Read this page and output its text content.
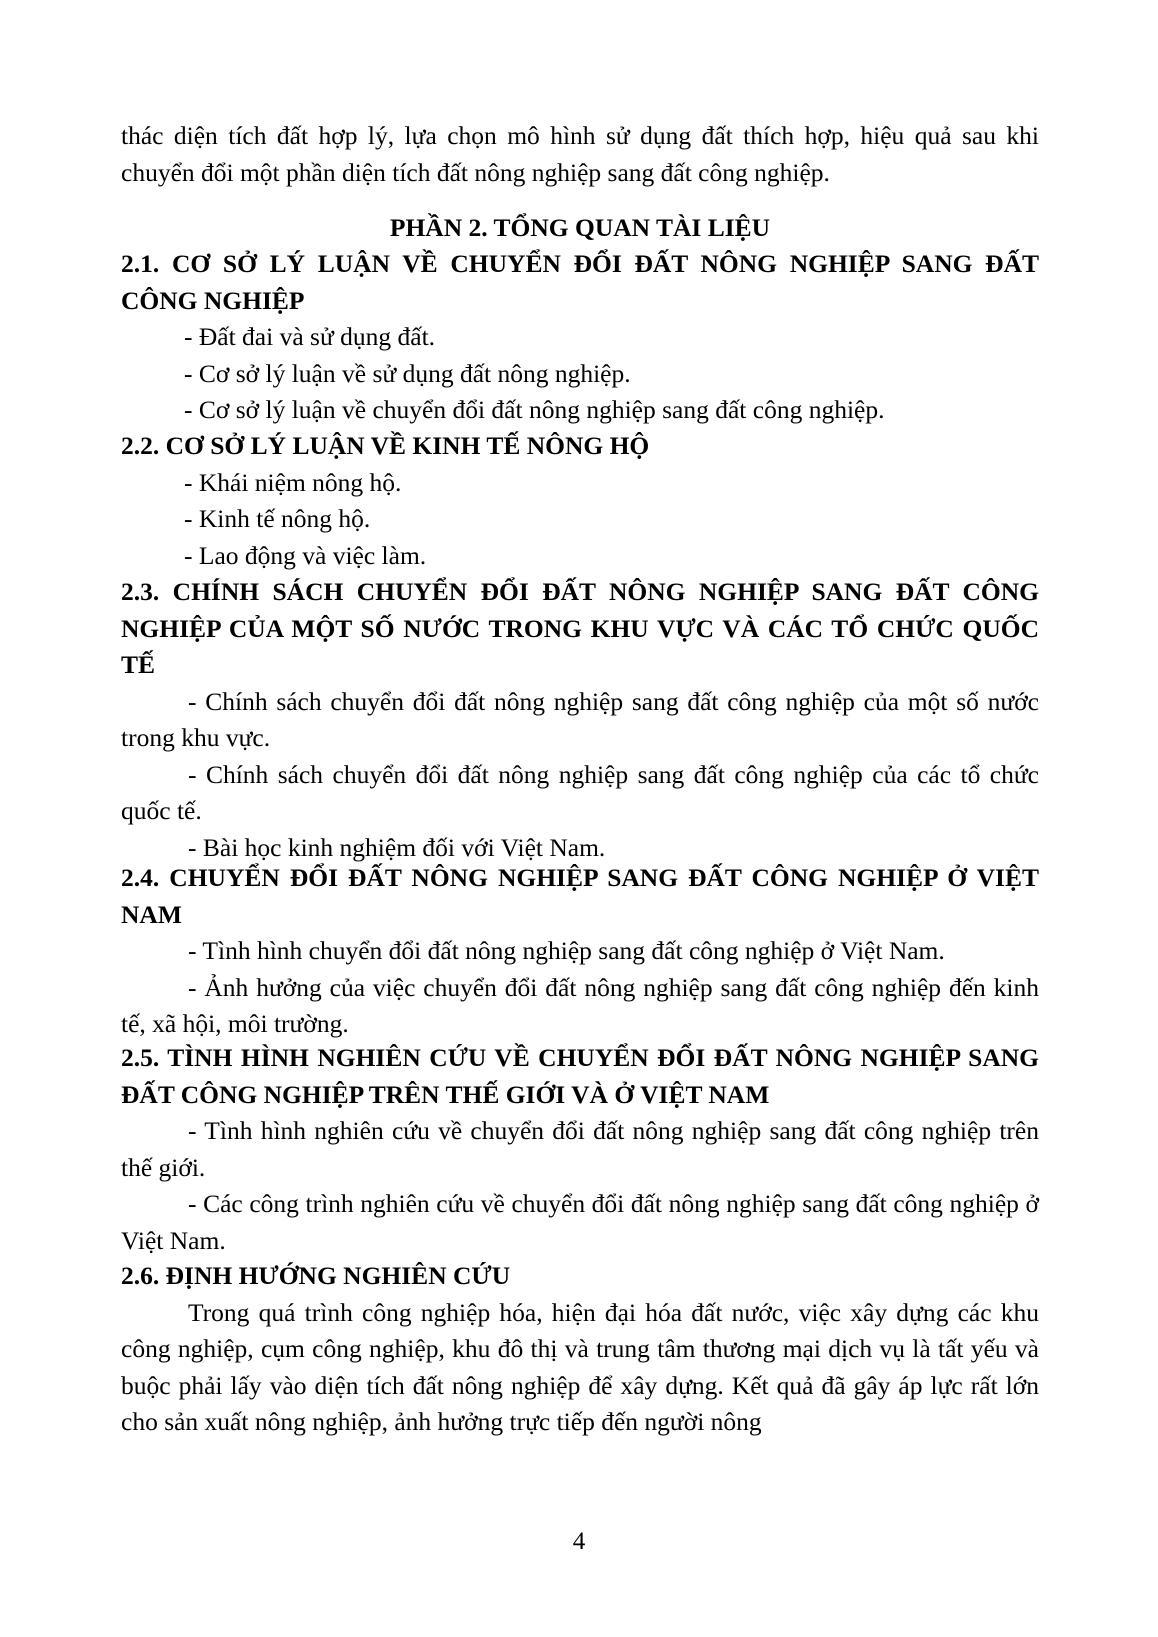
thác diện tích đất hợp lý, lựa chọn mô hình sử dụng đất thích hợp, hiệu quả sau khi chuyển đổi một phần diện tích đất nông nghiệp sang đất công nghiệp.

PHẦN 2. TỔNG QUAN TÀI LIỆU

2.1. CƠ SỞ LÝ LUẬN VỀ CHUYỂN ĐỔI ĐẤT NÔNG NGHIỆP SANG ĐẤT CÔNG NGHIỆP

- Đất đai và sử dụng đất.
- Cơ sở lý luận về sử dụng đất nông nghiệp.
- Cơ sở lý luận về chuyển đổi đất nông nghiệp sang đất công nghiệp.

2.2. CƠ SỞ LÝ LUẬN VỀ KINH TẾ NÔNG HỘ

- Khái niệm nông hộ.
- Kinh tế nông hộ.
- Lao động và việc làm.

2.3. CHÍNH SÁCH CHUYỂN ĐỔI ĐẤT NÔNG NGHIỆP SANG ĐẤT CÔNG NGHIỆP CỦA MỘT SỐ NƯỚC TRONG KHU VỰC VÀ CÁC TỔ CHỨC QUỐC TẾ

- Chính sách chuyển đổi đất nông nghiệp sang đất công nghiệp của một số nước trong khu vực.

- Chính sách chuyển đổi đất nông nghiệp sang đất công nghiệp của các tổ chức quốc tế.

- Bài học kinh nghiệm đối với Việt Nam.

2.4. CHUYỂN ĐỔI ĐẤT NÔNG NGHIỆP SANG ĐẤT CÔNG NGHIỆP Ở VIỆT NAM

- Tình hình chuyển đổi đất nông nghiệp sang đất công nghiệp ở Việt Nam.

- Ảnh hưởng của việc chuyển đổi đất nông nghiệp sang đất công nghiệp đến kinh tế, xã hội, môi trường.

2.5. TÌNH HÌNH NGHIÊN CỨU VỀ CHUYỂN ĐỔI ĐẤT NÔNG NGHIỆP SANG ĐẤT CÔNG NGHIỆP TRÊN THẾ GIỚI VÀ Ở VIỆT NAM

- Tình hình nghiên cứu về chuyển đổi đất nông nghiệp sang đất công nghiệp trên thế giới.

- Các công trình nghiên cứu về chuyển đổi đất nông nghiệp sang đất công nghiệp ở Việt Nam.

2.6. ĐỊNH HƯỚNG NGHIÊN CỨU

Trong quá trình công nghiệp hóa, hiện đại hóa đất nước, việc xây dựng các khu công nghiệp, cụm công nghiệp, khu đô thị và trung tâm thương mại dịch vụ là tất yếu và buộc phải lấy vào diện tích đất nông nghiệp để xây dựng. Kết quả đã gây áp lực rất lớn cho sản xuất nông nghiệp, ảnh hưởng trực tiếp đến người nông

4
